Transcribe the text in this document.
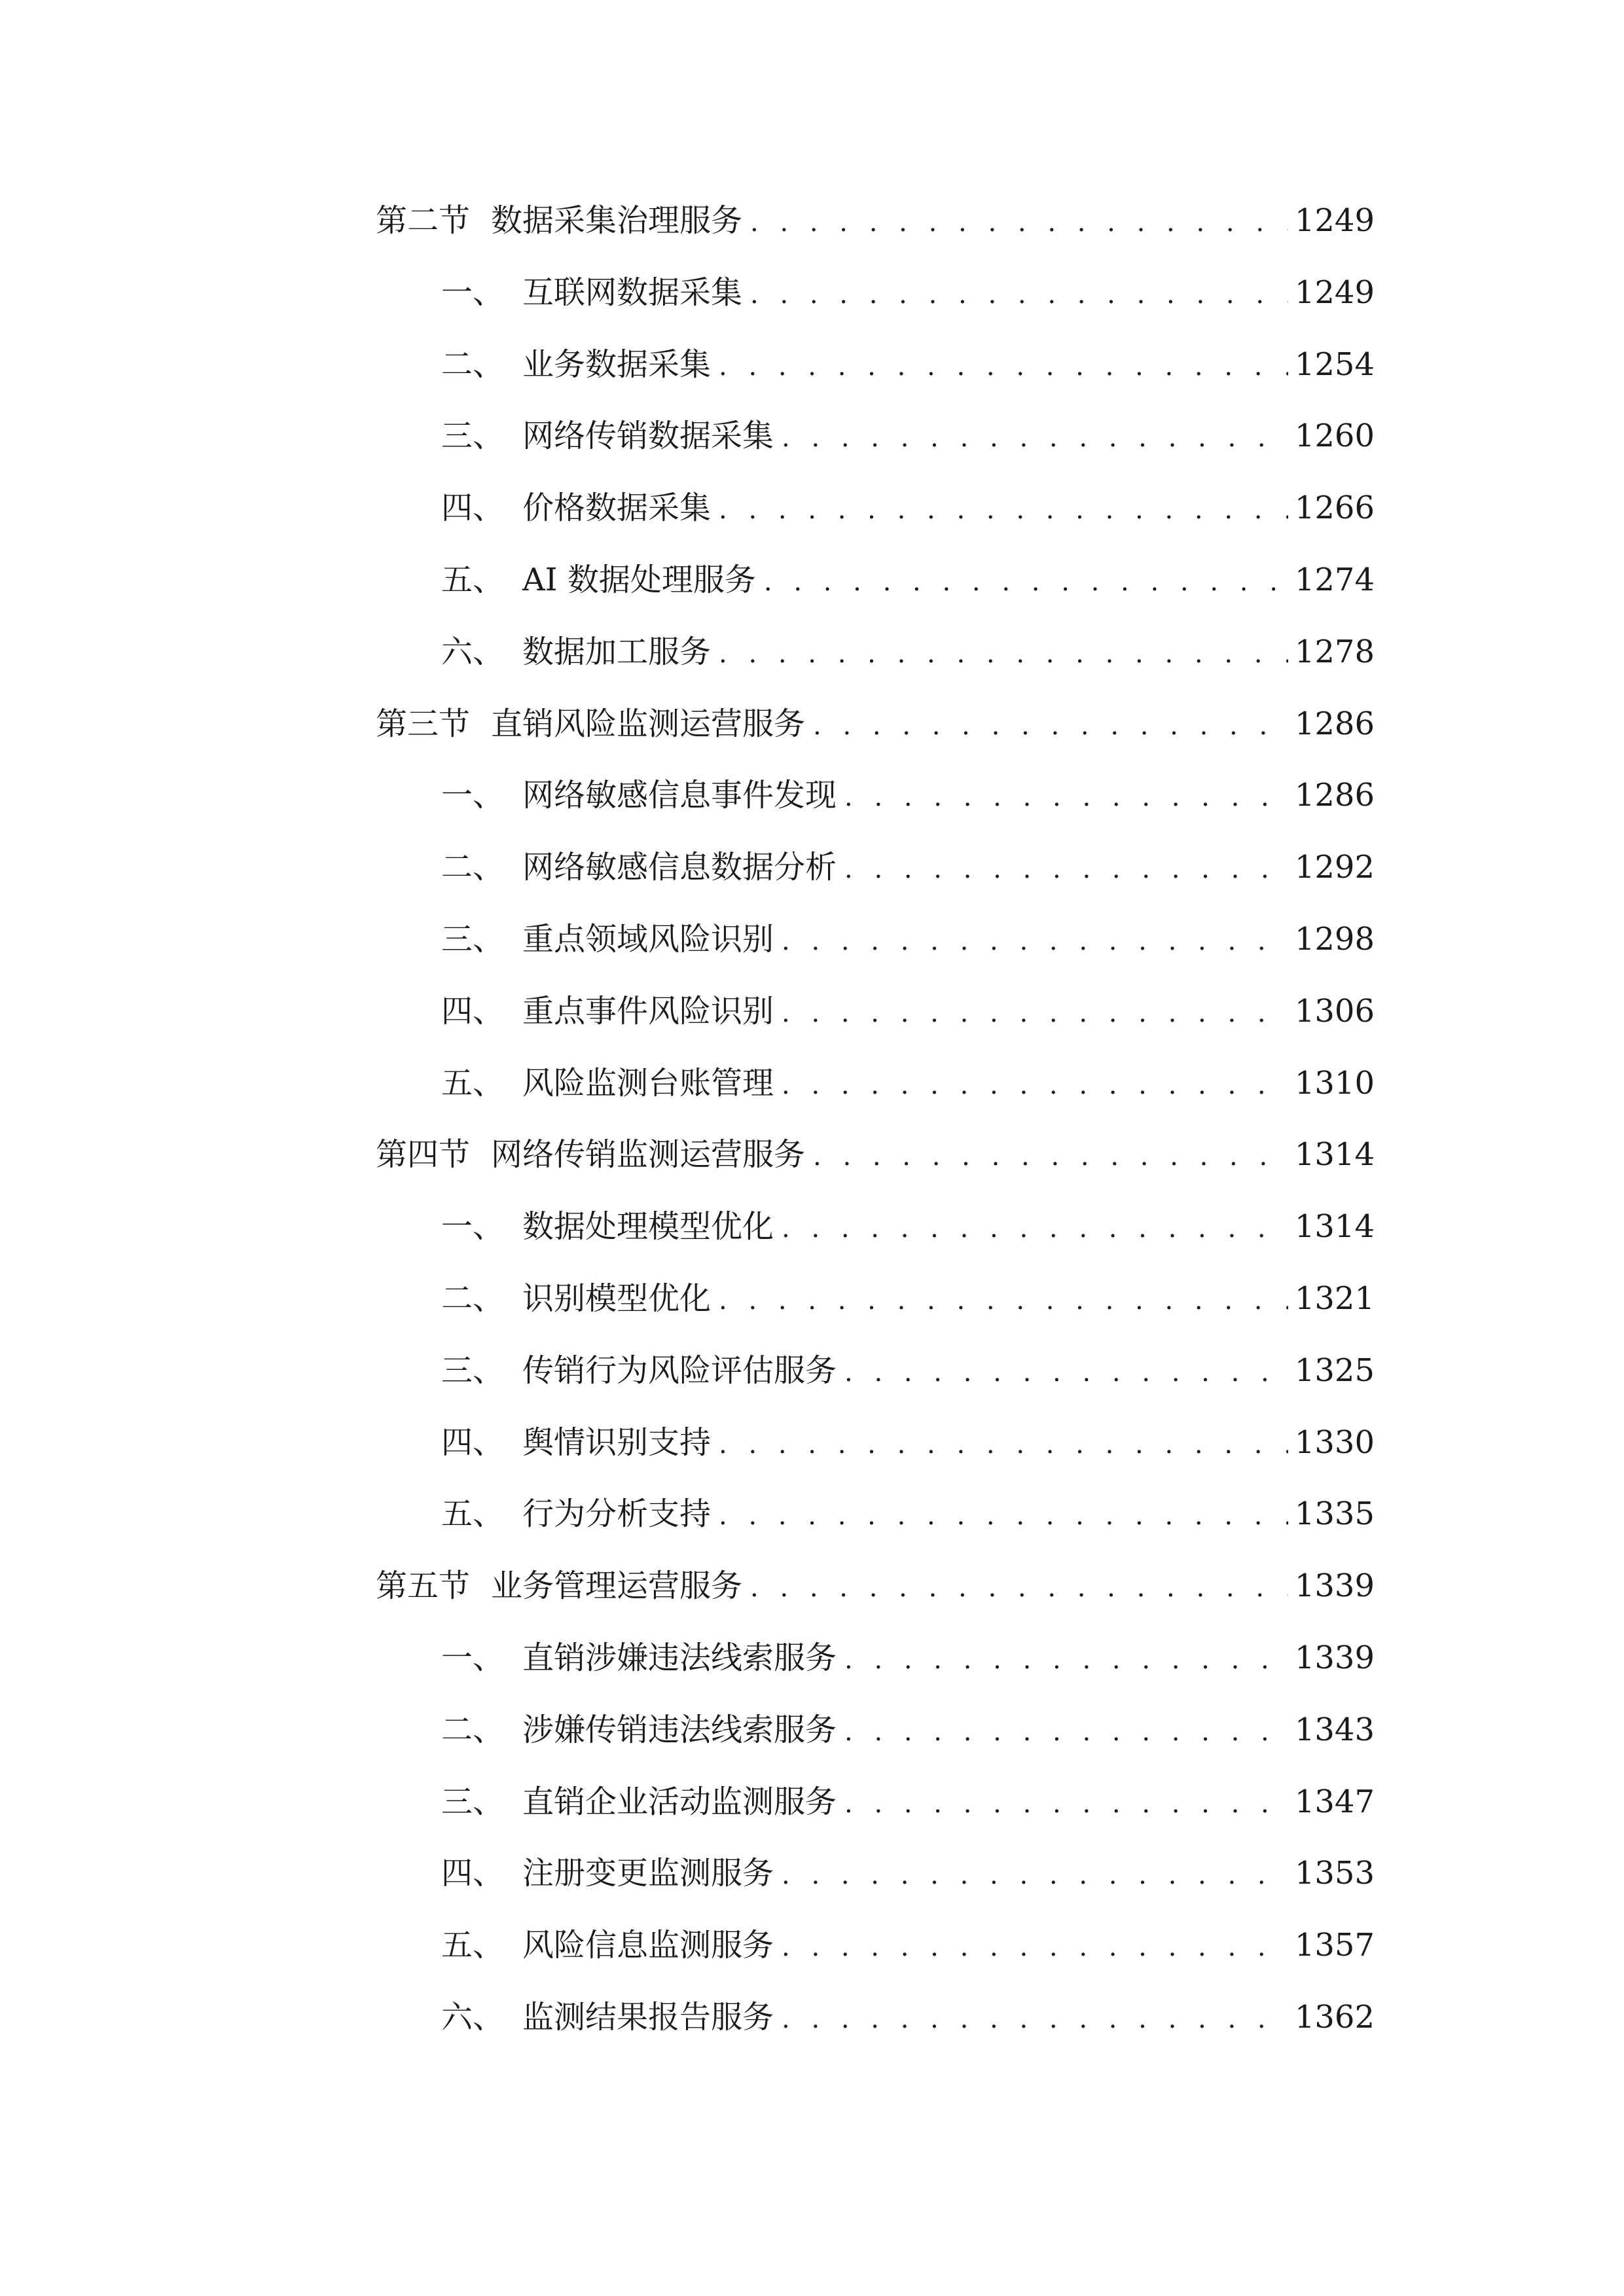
第二节 数据采集治理服务 . . .	1249
一、 互联网数据采集 . . .	1249
二、 业务数据采集 . . .	1254
三、 网络传销数据采集 . . .	1260
四、 价格数据采集 . . .	1266
五、 AI 数据处理服务 . . .	1274
六、 数据加工服务 . . .	1278
第三节 直销风险监测运营服务 . . .	1286
一、 网络敏感信息事件发现 . . .	1286
二、 网络敏感信息数据分析 . . .	1292
三、 重点领域风险识别 . . .	1298
四、 重点事件风险识别 . . .	1306
五、 风险监测台账管理 . . .	1310
第四节 网络传销监测运营服务 . . .	1314
一、 数据处理模型优化 . . .	1314
二、 识别模型优化 . . .	1321
三、 传销行为风险评估服务 . . .	1325
四、 舆情识别支持 . . .	1330
五、 行为分析支持 . . .	1335
第五节 业务管理运营服务 . . .	1339
一、 直销涉嫌违法线索服务 . . .	1339
二、 涉嫌传销违法线索服务 . . .	1343
三、 直销企业活动监测服务 . . .	1347
四、 注册变更监测服务 . . .	1353
五、 风险信息监测服务 . . .	1357
六、 监测结果报告服务 . . .	1362
